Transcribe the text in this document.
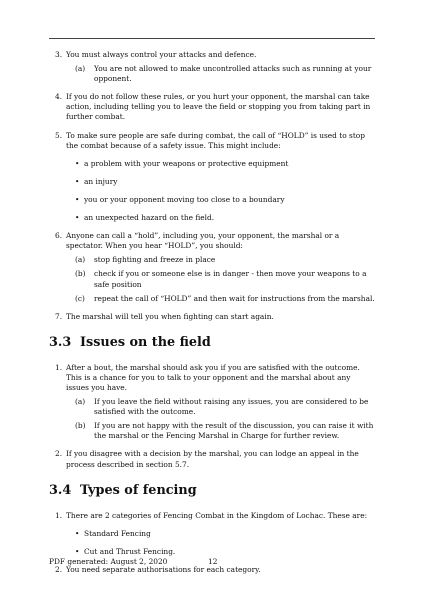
3. You must always control your attacks and defence.

(a) You are not allowed to make uncontrolled attacks such as running at your opponent.

4. If you do not follow these rules, or you hurt your opponent, the marshal can take action, including telling you to leave the field or stopping you from taking part in further combat.

5. To make sure people are safe during combat, the call of “HOLD” is used to stop the combat because of a safety issue. This might include:

• a problem with your weapons or protective equipment
• an injury
• you or your opponent moving too close to a boundary
• an unexpected hazard on the field.
6. Anyone can call a “hold”, including you, your opponent, the marshal or a spectator. When you hear “HOLD”, you should:

(a) stop fighting and freeze in place

(b) check if you or someone else is in danger - then move your weapons to a safe position

(c) repeat the call of “HOLD” and then wait for instructions from the marshal.

7. The marshal will tell you when fighting can start again.

3.3 Issues on the field
1. After a bout, the marshal should ask you if you are satisfied with the outcome. This is a chance for you to talk to your opponent and the marshal about any issues you have.

(a) If you leave the field without raising any issues, you are considered to be satisfied with the outcome.

(b) If you are not happy with the result of the discussion, you can raise it with the marshal or the Fencing Marshal in Charge for further review.

2. If you disagree with a decision by the marshal, you can lodge an appeal in the process described in section 5.7.

3.4 Types of fencing
1. There are 2 categories of Fencing Combat in the Kingdom of Lochac. These are:

• Standard Fencing
• Cut and Thrust Fencing.
2. You need separate authorisations for each category.

PDF generated: August 2, 2020	12
